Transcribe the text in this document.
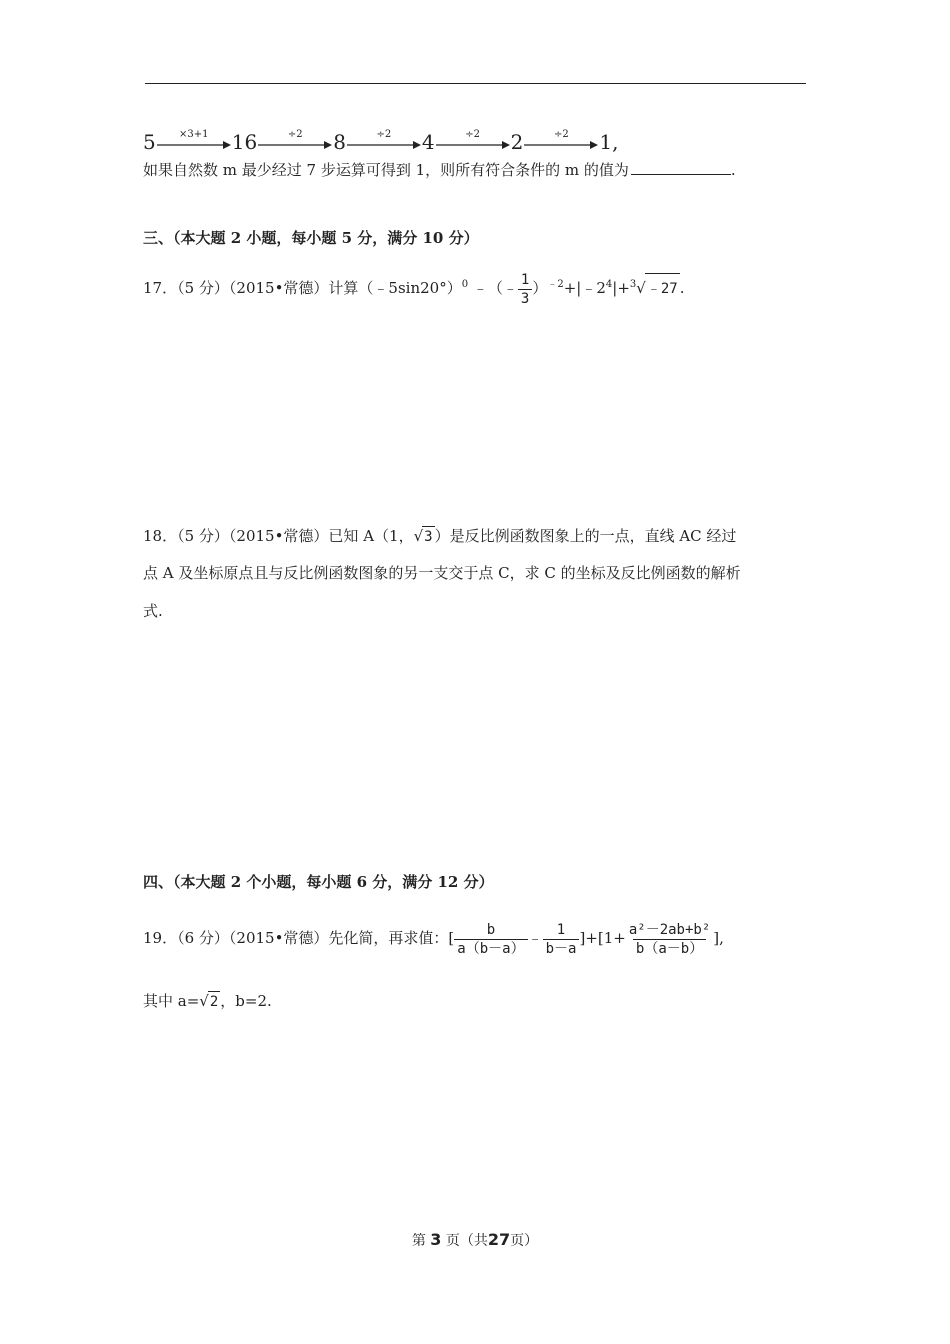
5	×3+1	16	÷2	8	÷2	4	÷2	2	÷2	1,
如果自然数 m 最少经过 7 步运算可得到 1，则所有符合条件的 m 的值为	.
三、（本大题 2 小题，每小题 5 分，满分 10 分）
17．（5 分）（2015•常德）计算（﹣5sin20°）$^0$ ﹣（﹣ $\frac{1}{3}$ ）$^{﹣2}+|﹣2^4|+^3√﹣27$ .
18．（5 分）（2015•常德）已知 A（1，√3 ）是反比例函数图象上的一点，直线 AC 经过
点 A 及坐标原点且与反比例函数图象的另一支交于点 C，求 C 的坐标及反比例函数的解析
式.
四、（本大题 2 个小题，每小题 6 分，满分 12 分）
19．（6 分）（2015•常德）先化简，再求值：[ $\frac{b}{a(b-a)}$ ﹣ $\frac{1}{b-a} ]+[1+ \frac{\text{a²－2ab+b²}}{b(a-b)}$ ],
其中 a=√2 ，b=2.
第 3 页（共27页）
